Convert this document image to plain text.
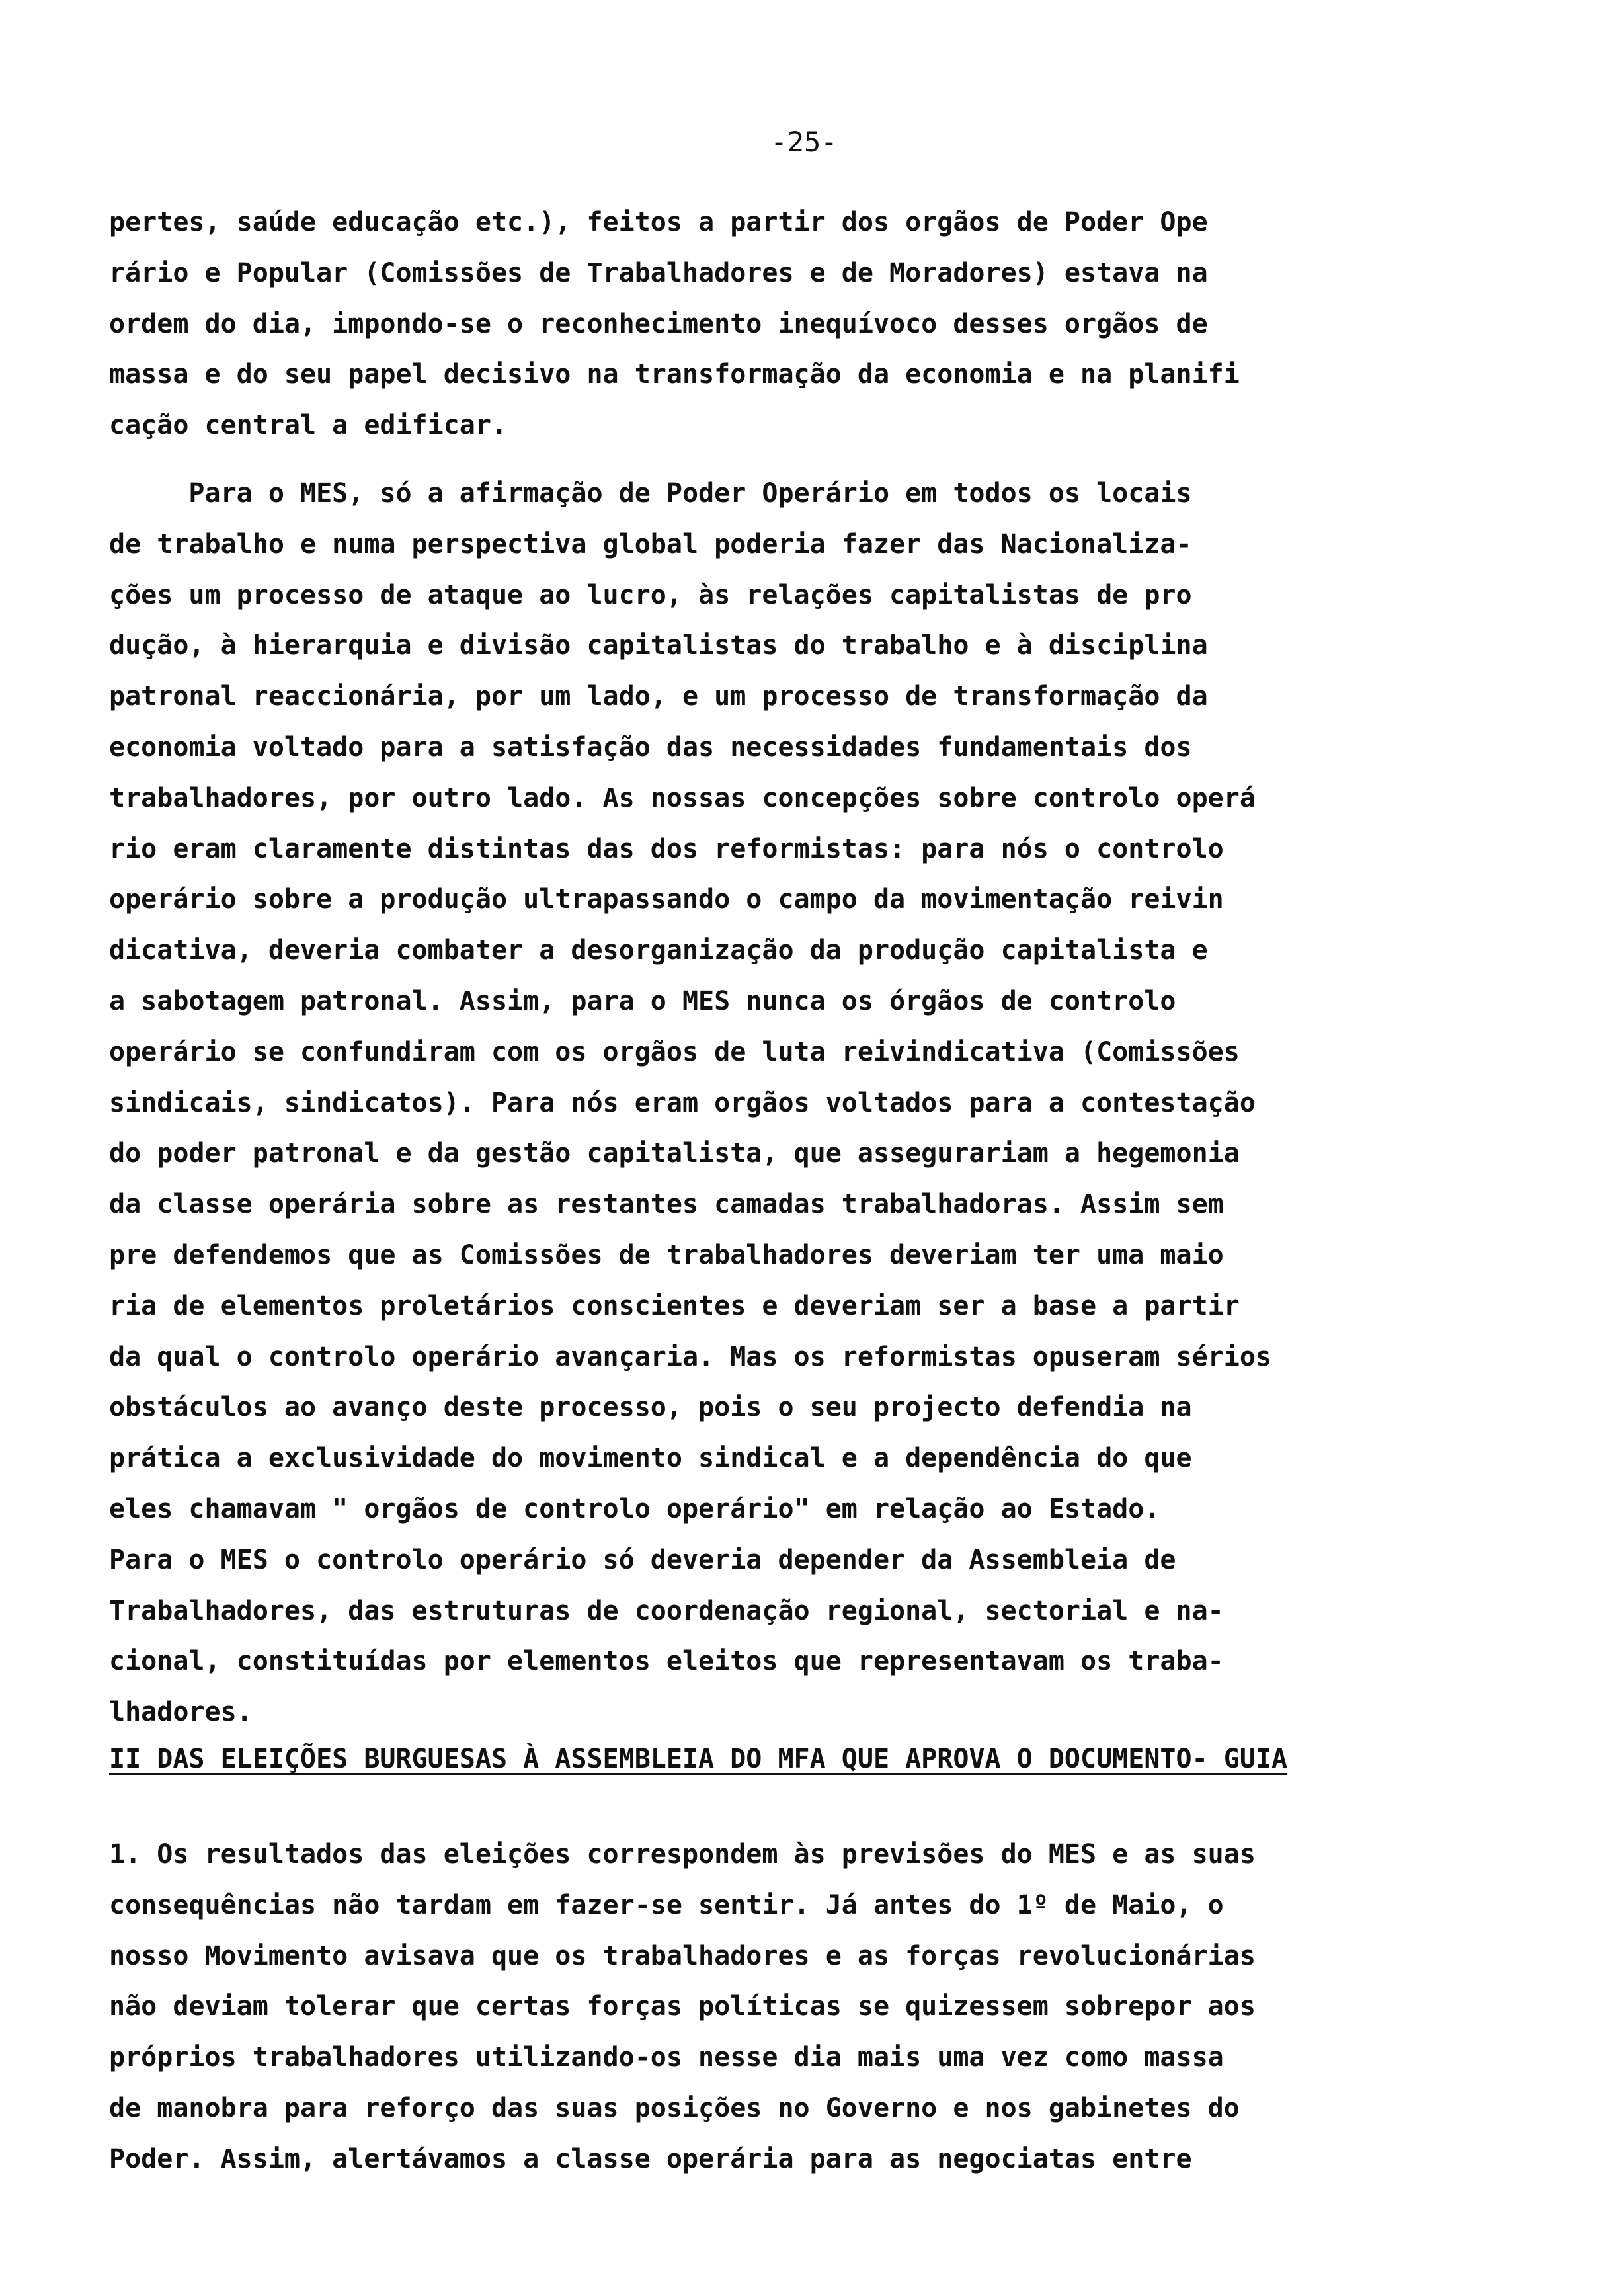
-25-
pertes, saúde educação etc.), feitos a partir dos orgãos de Poder Ope
rário e Popular (Comissões de Trabalhadores e de Moradores) estava na
ordem do dia, impondo-se o reconhecimento inequívoco desses orgãos de
massa e do seu papel decisivo na transformação da economia e na planifi
cação central a edificar.
Para o MES, só a afirmação de Poder Operário em todos os locais
de trabalho e numa perspectiva global poderia fazer das Nacionaliza-
ções um processo de ataque ao lucro, às relações capitalistas de pro
dução, à hierarquia e divisão capitalistas do trabalho e à disciplina
patronal reaccionária, por um lado, e um processo de transformação da
economia voltado para a satisfação das necessidades fundamentais dos
trabalhadores, por outro lado. As nossas concepções sobre controlo operá
rio eram claramente distintas das dos reformistas: para nós o controlo
operário sobre a produção ultrapassando o campo da movimentação reivin
dicativa, deveria combater a desorganização da produção capitalista e
a sabotagem patronal. Assim, para o MES nunca os órgãos de controlo
operário se confundiram com os orgãos de luta reivindicativa (Comissões
sindicais, sindicatos). Para nós eram orgãos voltados para a contestação
do poder patronal e da gestão capitalista, que assegurariam a hegemonia
da classe operária sobre as restantes camadas trabalhadoras. Assim sem
pre defendemos que as Comissões de trabalhadores deveriam ter uma maio
ria de elementos proletários conscientes e deveriam ser a base a partir
da qual o controlo operário avançaria. Mas os reformistas opuseram sérios
obstáculos ao avanço deste processo, pois o seu projecto defendia na
prática a exclusividade do movimento sindical e a dependência do que
eles chamavam " orgãos de controlo operário" em relação ao Estado.
Para o MES o controlo operário só deveria depender da Assembleia de
Trabalhadores, das estruturas de coordenação regional, sectorial e na-
cional, constituídas por elementos eleitos que representavam os traba-
lhadores.
II DAS ELEIÇÕES BURGUESAS À ASSEMBLEIA DO MFA QUE APROVA O DOCUMENTO- GUIA
1. Os resultados das eleições correspondem às previsões do MES e as suas
consequências não tardam em fazer-se sentir. Já antes do 1º de Maio, o
nosso Movimento avisava que os trabalhadores e as forças revolucionárias
não deviam tolerar que certas forças políticas se quizessem sobrepor aos
próprios trabalhadores utilizando-os nesse dia mais uma vez como massa
de manobra para reforço das suas posições no Governo e nos gabinetes do
Poder. Assim, alertávamos a classe operária para as negociatas entre
